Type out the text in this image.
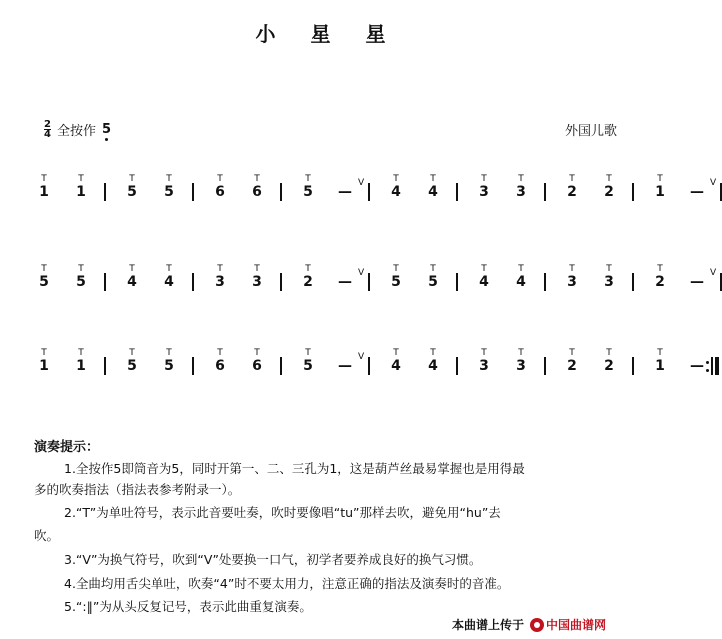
小 星 星
2
4 全按作 5	外国儿歌
T
1
T
1
T
5
T
5
T
6
T
6
T
5 —
V	T
4
T
4
T
3
T
3
T
2
T
2
T
1 —
V
T
5
T
5
T
4
T
4
T
3
T
3
T
2 —
V	T
5
T
5
T
4
T
4
T
3
T
3
T
2 —
V
T
1
T
1
T
5
T
5
T
6
T
6
T
5 —
V	T
4
T
4
T
3
T
3
T
2
T
2
T
1 —
演奏提示：
1.全按作5即筒音为5，同时开第一、二、三孔为1，这是葫芦丝最易掌握也是用得最
多的吹奏指法（指法表参考附录一）。
2.“T”为单吐符号，表示此音要吐奏，吹时要像唱“tu”那样去吹，避免用“hu”去
吹。
3.“V”为换气符号，吹到“V”处要换一口气，初学者要养成良好的换气习惯。
4.全曲均用舌尖单吐，吹奏“4”时不要太用力，注意正确的指法及演奏时的音准。
5.“:‖”为从头反复记号，表示此曲重复演奏。
本曲谱上传于 中国曲谱网
